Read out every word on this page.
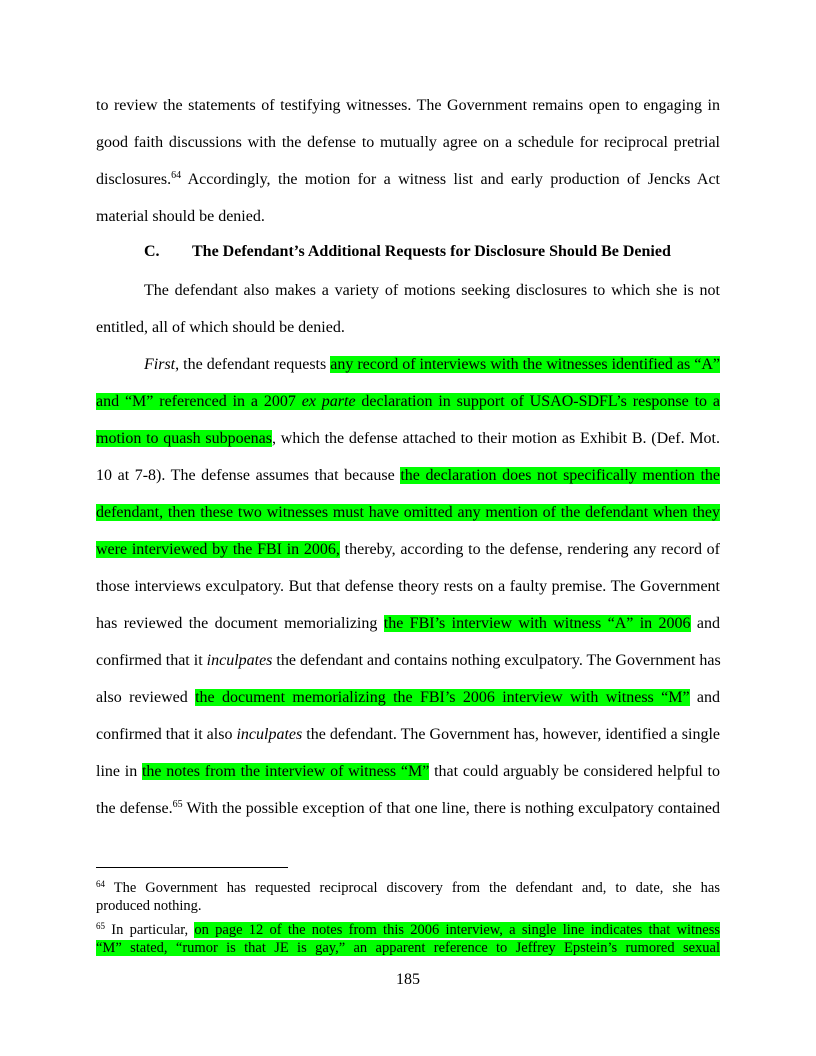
to review the statements of testifying witnesses. The Government remains open to engaging in
good faith discussions with the defense to mutually agree on a schedule for reciprocal pretrial
disclosures.$^{64}$ Accordingly, the motion for a witness list and early production of Jencks Act
material should be denied.
C. The Defendant’s Additional Requests for Disclosure Should Be Denied
The defendant also makes a variety of motions seeking disclosures to which she is not
entitled, all of which should be denied.
First, the defendant requests any record of interviews with the witnesses identified as “A”
and “M” referenced in a 2007 ex parte declaration in support of USAO-SDFL’s response to a
motion to quash subpoenas, which the defense attached to their motion as Exhibit B. (Def. Mot.
10 at 7-8). The defense assumes that because the declaration does not specifically mention the
defendant, then these two witnesses must have omitted any mention of the defendant when they
were interviewed by the FBI in 2006, thereby, according to the defense, rendering any record of
those interviews exculpatory. But that defense theory rests on a faulty premise. The Government
has reviewed the document memorializing the FBI’s interview with witness “A” in 2006 and
confirmed that it inculpates the defendant and contains nothing exculpatory. The Government has
also reviewed the document memorializing the FBI’s 2006 interview with witness “M” and
confirmed that it also inculpates the defendant. The Government has, however, identified a single
line in the notes from the interview of witness “M” that could arguably be considered helpful to
the defense.$^{65}$ With the possible exception of that one line, there is nothing exculpatory contained
$^{64}$ The Government has requested reciprocal discovery from the defendant and, to date, she has
produced nothing.
$^{65}$ In particular, on page 12 of the notes from this 2006 interview, a single line indicates that witness
“M” stated, “rumor is that JE is gay,” an apparent reference to Jeffrey Epstein’s rumored sexual
185
